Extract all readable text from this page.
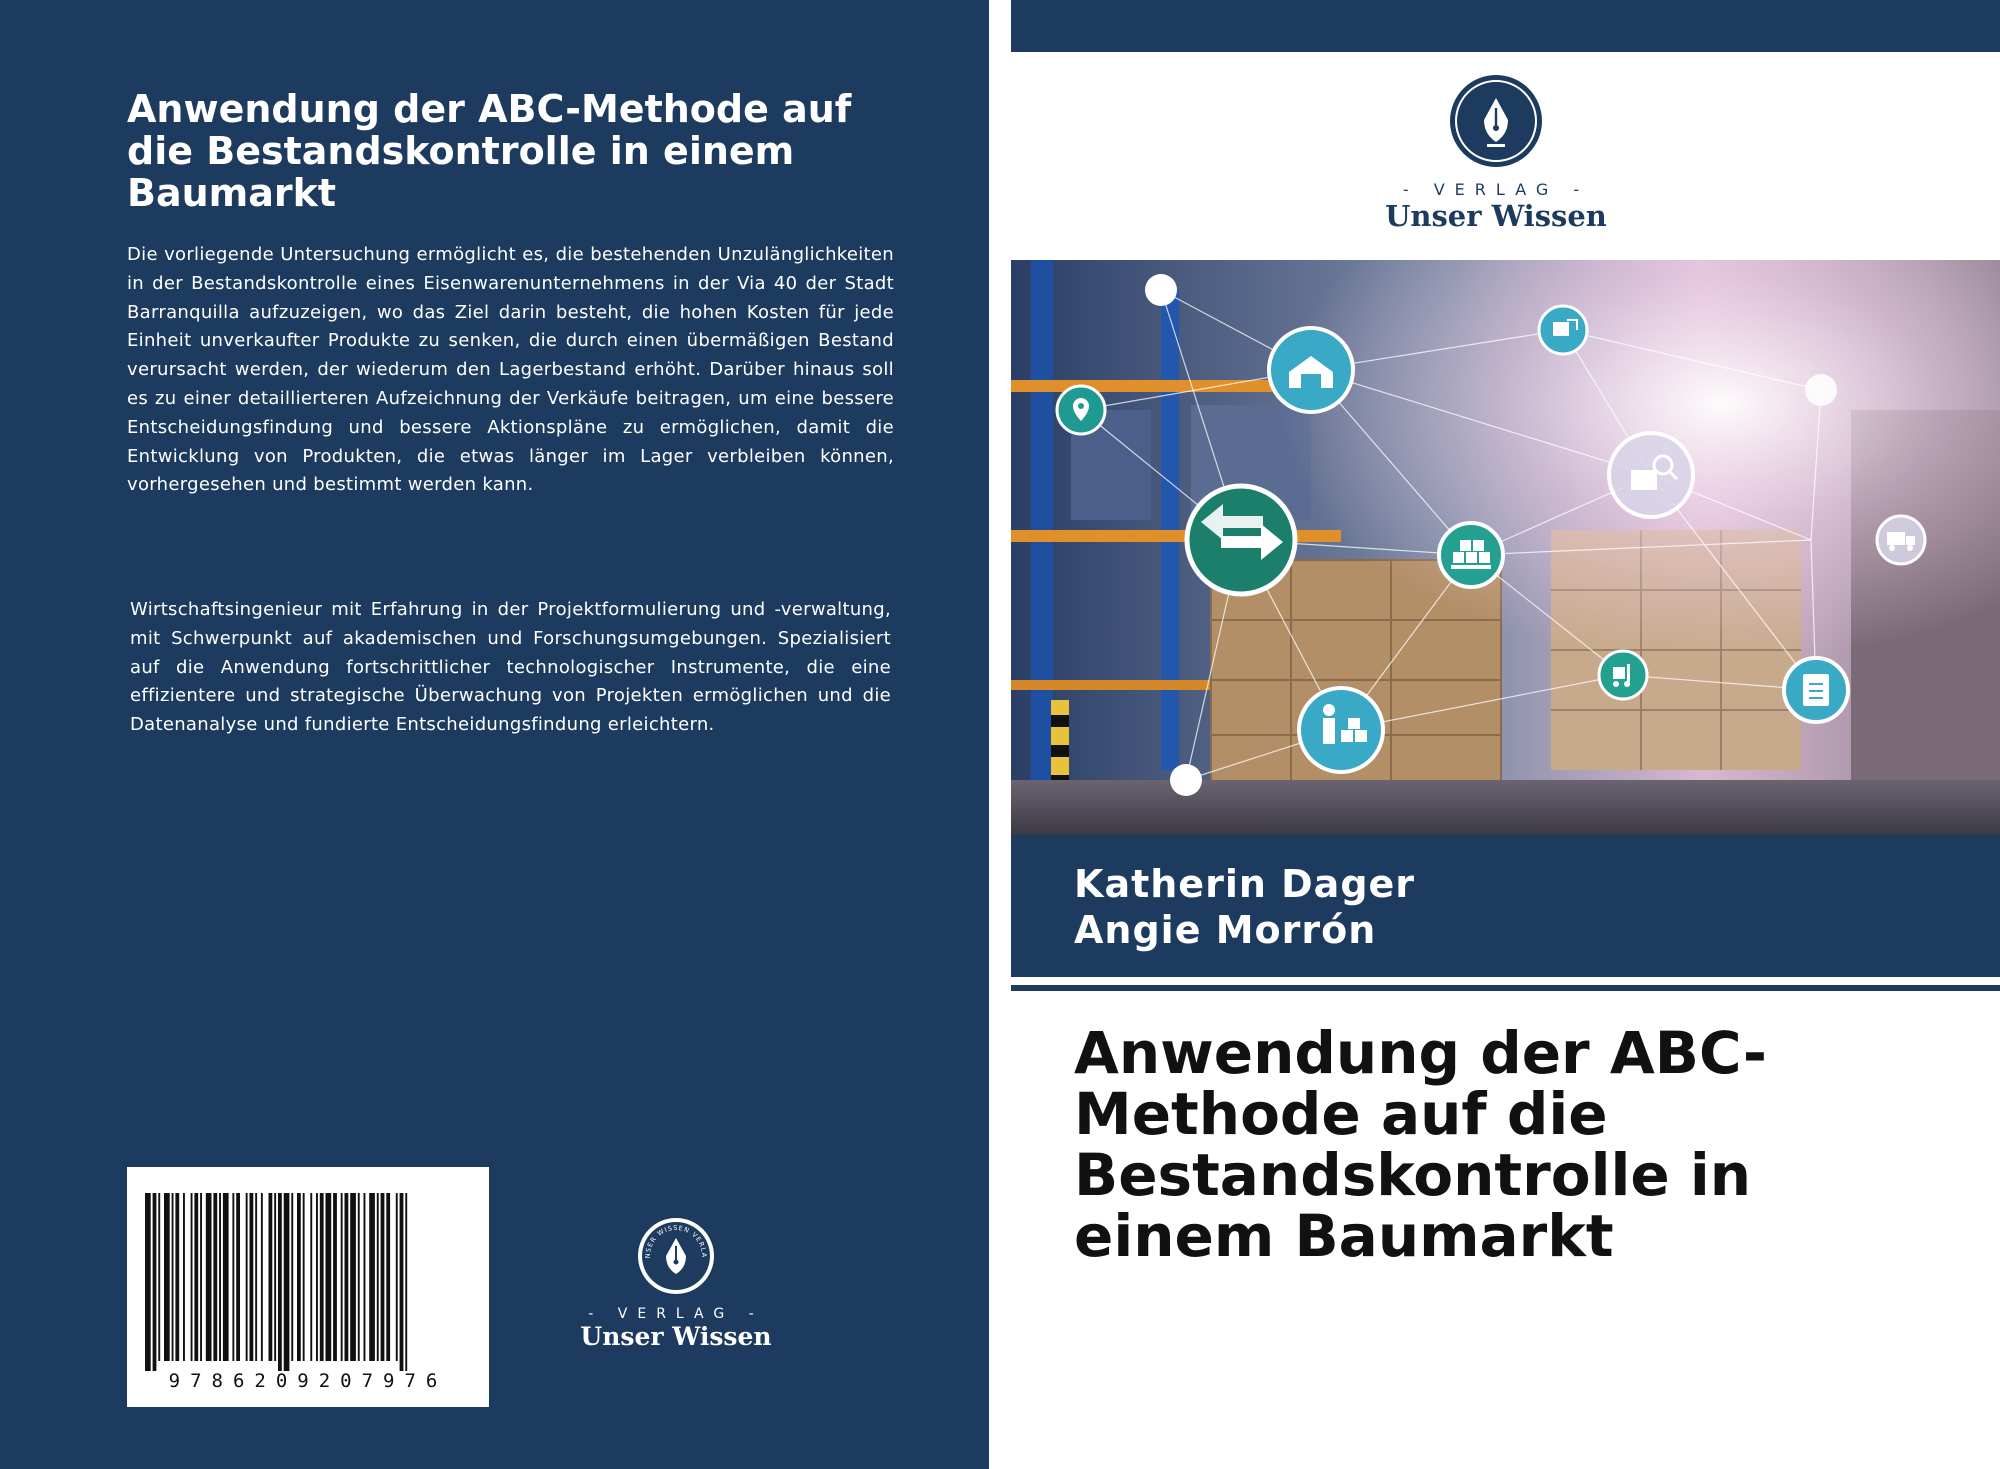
Anwendung der ABC-Methode auf die Bestandskontrolle in einem Baumarkt

Die vorliegende Untersuchung ermöglicht es, die bestehenden Unzulänglichkeiten in der Bestandskontrolle eines Eisenwarenunternehmens in der Via 40 der Stadt Barranquilla aufzuzeigen, wo das Ziel darin besteht, die hohen Kosten für jede Einheit unverkaufter Produkte zu senken, die durch einen übermäßigen Bestand verursacht werden, der wiederum den Lagerbestand erhöht. Darüber hinaus soll es zu einer detaillierteren Aufzeichnung der Verkäufe beitragen, um eine bessere Entscheidungsfindung und bessere Aktionspläne zu ermöglichen, damit die Entwicklung von Produkten, die etwas länger im Lager verbleiben können, vorhergesehen und bestimmt werden kann.

Wirtschaftsingenieur mit Erfahrung in der Projektformulierung und -verwaltung, mit Schwerpunkt auf akademischen und Forschungsumgebungen. Spezialisiert auf die Anwendung fortschrittlicher technologischer Instrumente, die eine effizientere und strategische Überwachung von Projekten ermöglichen und die Datenanalyse und fundierte Entscheidungsfindung erleichtern.

9786209207976
NSER WISSEN VERLA
- VERLAG -
Unser Wissen
- VERLAG -
Unser Wissen

Katherin Dager

Angie Morrón

Anwendung der ABC-Methode auf die Bestandskontrolle in einem Baumarkt
